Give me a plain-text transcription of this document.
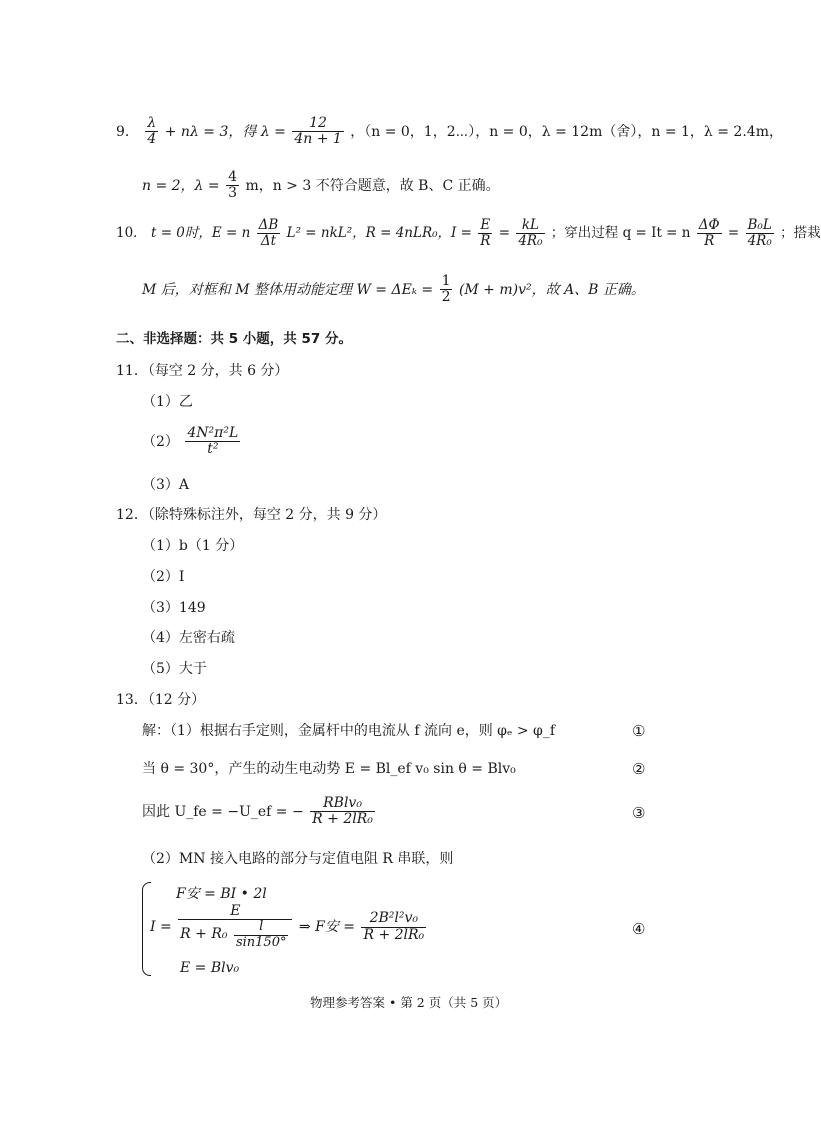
9． $\frac{\lambda}{4} + n\lambda = 3$，得 $\lambda = \frac{12}{4n + 1}$ ，（n = 0，1，2⋯），n = 0，λ = 12m（舍），n = 1，λ = 2.4m，
n = 2，$\lambda = \frac{4}{3}$ m，n > 3 不符合题意，故 B、C 正确。
10． t = 0时，E = n $\frac{\Delta B}{\Delta t} L^2 = nkL^2$，R = 4nLR₀，$I = \frac{E}{R} = \frac{kL}{\text{4R₀}}$ ；穿出过程 q = It = n $\frac{\Delta\Phi}{R} = \frac{\text{B₀L}}{\text{4R₀}}$ ；搭栽
M 后，对框和 M 整体用动能定理 $W = \Delta E_k = \frac{1}{2} (M + m)v^2$，故 A、B 正确。
二、非选择题：共 5 小题，共 57 分。
11．（每空 2 分，共 6 分）
（1）乙
$(2) \frac{\text{4N²π²L}}{\text{t²}}$
（3）A
12．（除特殊标注外，每空 2 分，共 9 分）
（1）b（1 分）
（2）Ⅰ
（3）149
（4）左密右疏
（5）大于
13．（12 分）
解：（1）根据右手定则，金属杆中的电流从 f 流向 e，则 φₑ > φ_f	①
当 θ = 30°，产生的动生电动势 E = Bl_ef v₀ sin θ = Blv₀	②
因此 U_fe = −U_ef = − $\frac{\text{RBlv₀}}{\text{R + 2lR₀}}$	③
（2）MN 接入电路的部分与定值电阻 R 串联，则
F安 = BI • 2l
$I = \frac{E}{R + R_0 \frac{l}{\sin 150^\circ}}$ ⇒ F安 = $\frac{\text{2B²l²v₀}}{\text{R + 2lR₀}}$
E = Blv₀
④
物理参考答案 • 第 2 页（共 5 页）
